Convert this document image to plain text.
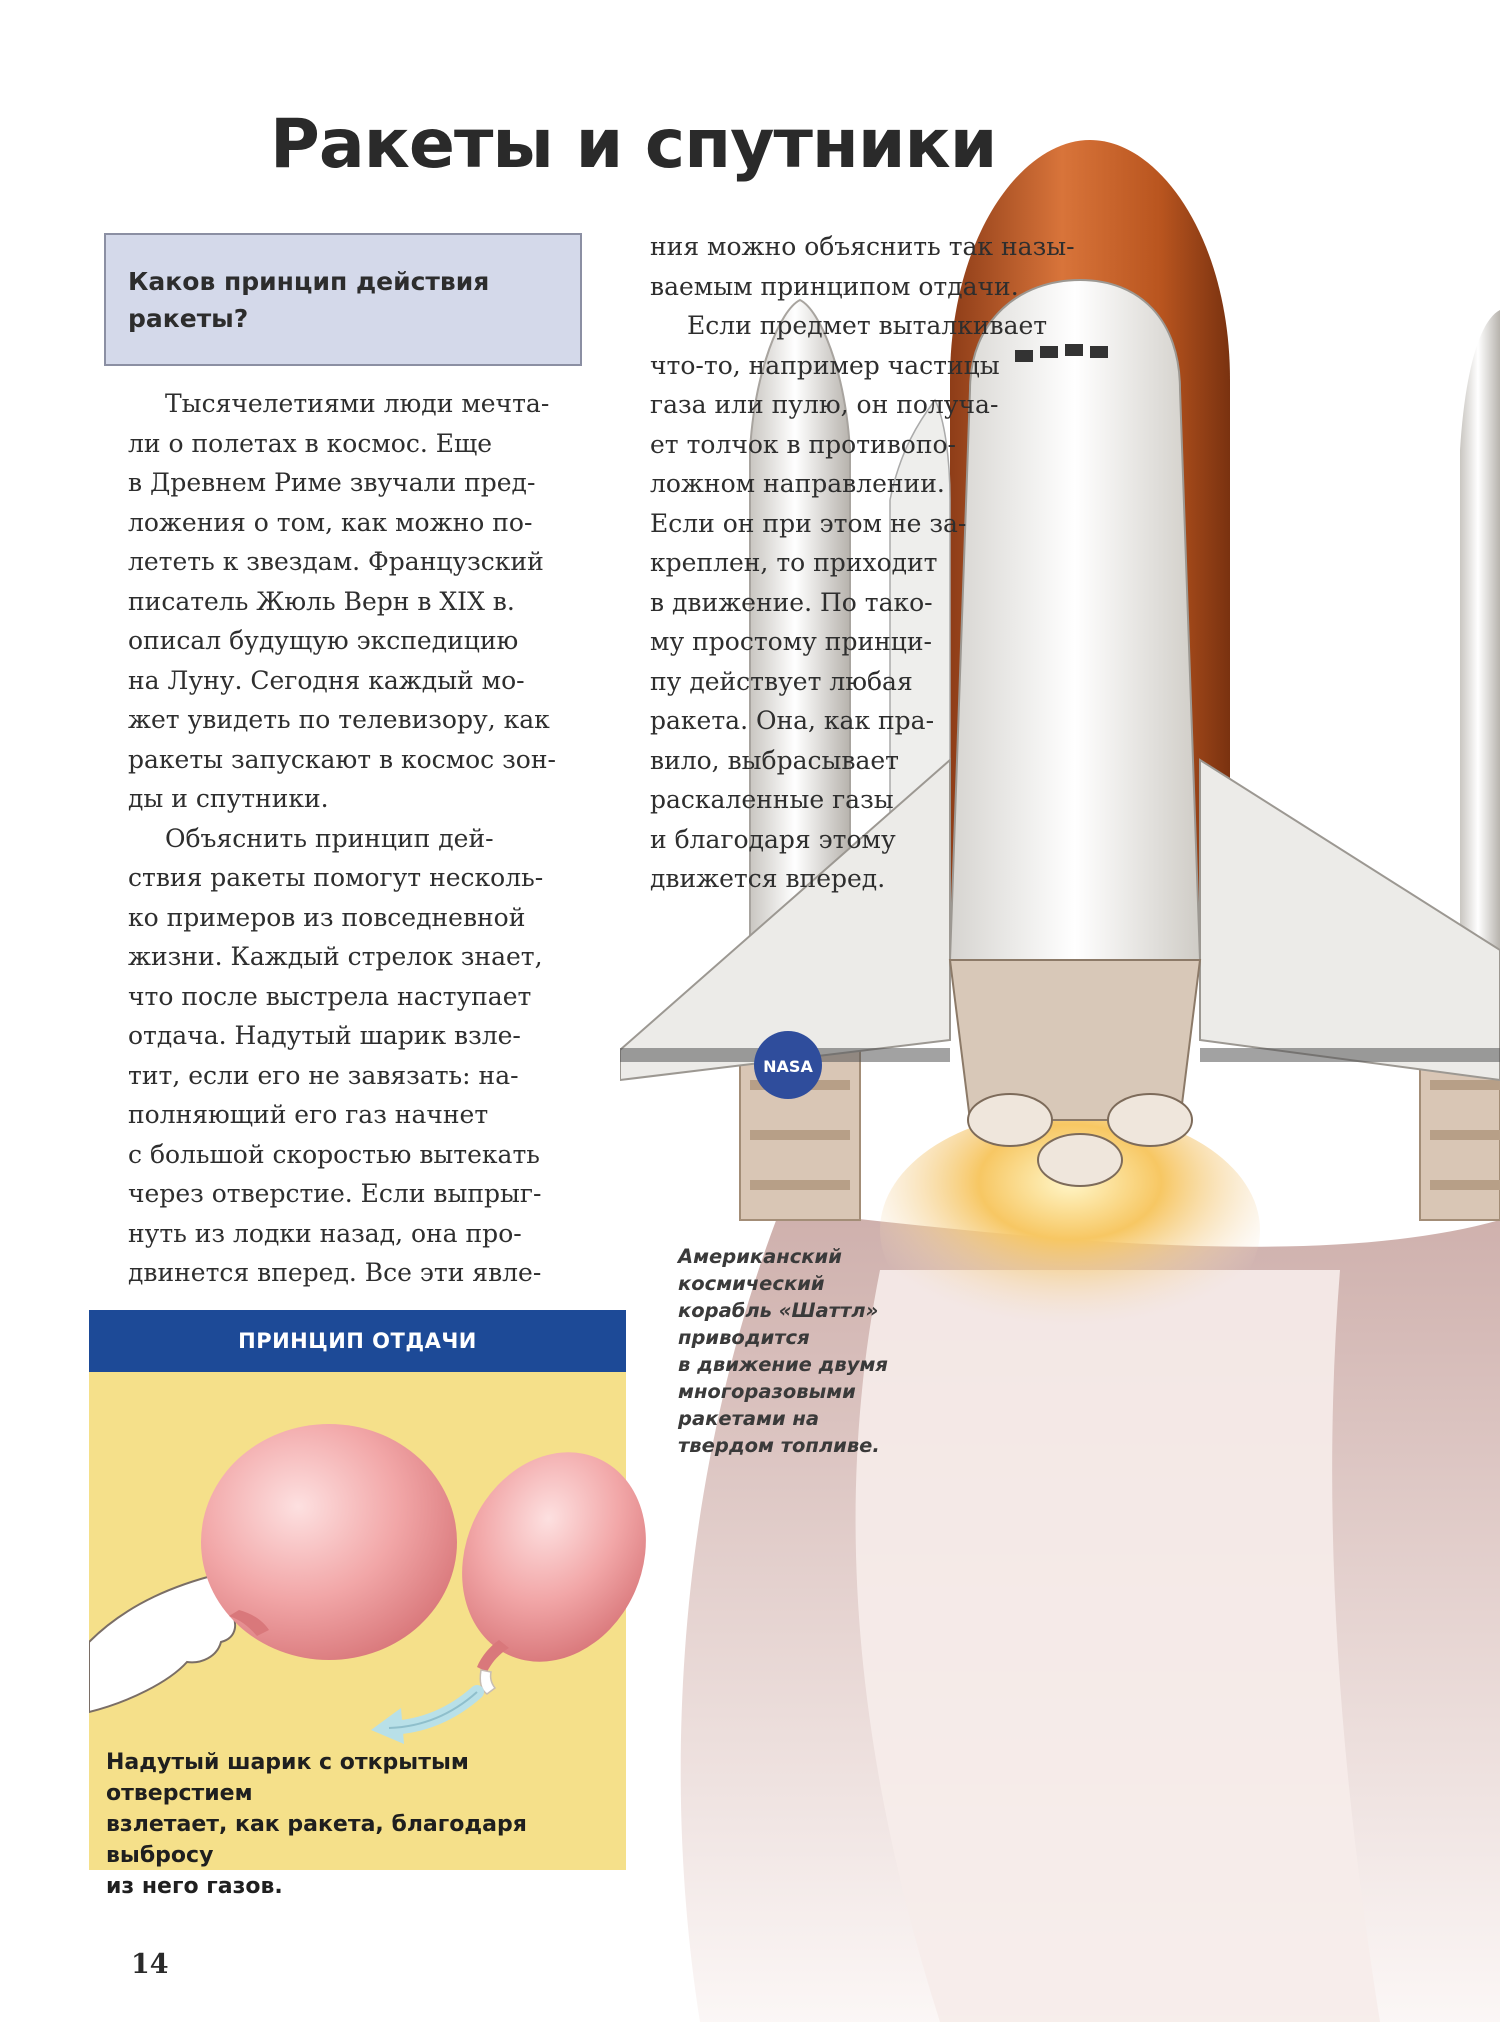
Ракеты и спутники
Каков принцип действия
ракеты?
NASA

Тысячелетиями люди мечта-
ли о полетах в космос. Еще
в Древнем Риме звучали пред-
ложения о том, как можно по-
лететь к звездам. Французский
писатель Жюль Верн в XIX в.
описал будущую экспедицию
на Луну. Сегодня каждый мо-
жет увидеть по телевизору, как
ракеты запускают в космос зон-
ды и спутники.

Объяснить принцип дей-
ствия ракеты помогут несколь-
ко примеров из повседневной
жизни. Каждый стрелок знает,
что после выстрела наступает
отдача. Надутый шарик взле-
тит, если его не завязать: на-
полняющий его газ начнет
с большой скоростью вытекать
через отверстие. Если выпрыг-
нуть из лодки назад, она про-
двинется вперед. Все эти явле-

ния можно объяснить так назы-
ваемым принципом отдачи.

Если предмет выталкивает
что-то, например частицы
газа или пулю, он получа-
ет толчок в противопо-
ложном направлении.
Если он при этом не за-
креплен, то приходит
в движение. По тако-
му простому принци-
пу действует любая
ракета. Она, как пра-
вило, выбрасывает
раскаленные газы
и благодаря этому
движется вперед.

Американский
космический
корабль «Шаттл»
приводится
в движение двумя
многоразовыми
ракетами на
твердом топливе.
ПРИНЦИП ОТДАЧИ
Надутый шарик с открытым отверстием
взлетает, как ракета, благодаря выбросу
из него газов.
14
